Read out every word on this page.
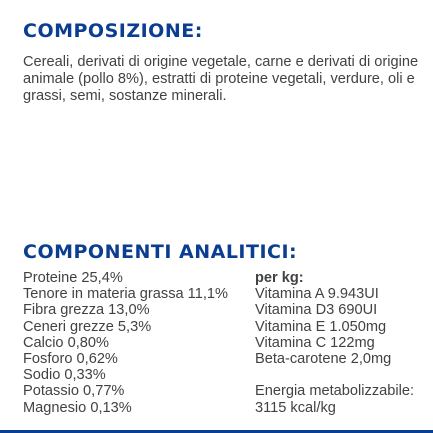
COMPOSIZIONE:

Cereali, derivati di origine vegetale, carne e derivati di origine animale (pollo 8%), estratti di proteine vegetali, verdure, oli e grassi, semi, sostanze minerali.

COMPONENTI ANALITICI:
Proteine 25,4%
Tenore in materia grassa 11,1%
Fibra grezza 13,0%
Ceneri grezze 5,3%
Calcio 0,80%
Fosforo 0,62%
Sodio 0,33%
Potassio 0,77%
Magnesio 0,13%
per kg:
Vitamina A 9.943UI
Vitamina D3 690UI
Vitamina E 1.050mg
Vitamina C 122mg
Beta-carotene 2,0mg
Energia metabolizzabile:
3115 kcal/kg
